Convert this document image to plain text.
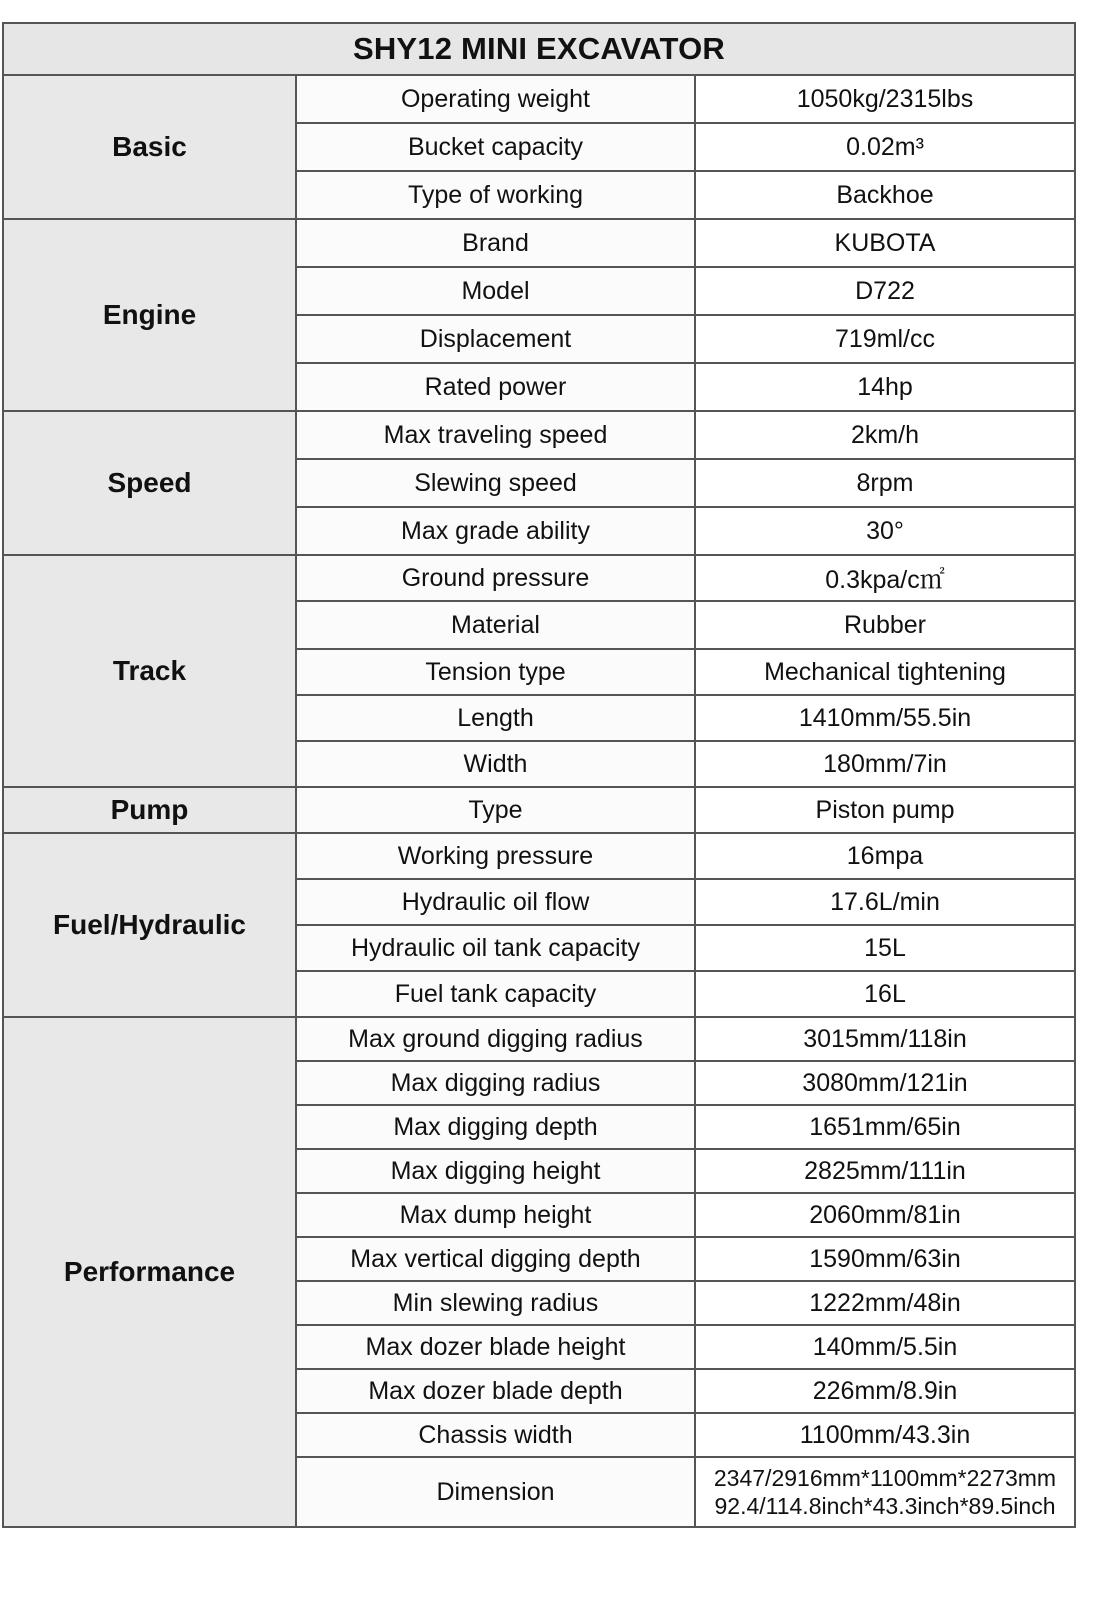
SHY12 MINI EXCAVATOR		
Basic	Operating weight	1050kg/2315lbs
	Bucket capacity	0.02m³
	Type of working	Backhoe
Engine	Brand	KUBOTA
	Model	D722
	Displacement	719ml/cc
	Rated power	14hp
Speed	Max traveling speed	2km/h
	Slewing speed	8rpm
	Max grade ability	30°
Track	Ground pressure	0.3kpa/c㎡
	Material	Rubber
	Tension type	Mechanical tightening
	Length	1410mm/55.5in
	Width	180mm/7in
Pump	Type	Piston pump
Fuel/Hydraulic	Working pressure	16mpa
	Hydraulic oil flow	17.6L/min
	Hydraulic oil tank capacity	15L
	Fuel tank capacity	16L
Performance	Max ground digging radius	3015mm/118in
	Max digging radius	3080mm/121in
	Max digging depth	1651mm/65in
	Max digging height	2825mm/111in
	Max dump height	2060mm/81in
	Max vertical digging depth	1590mm/63in
	Min slewing radius	1222mm/48in
	Max dozer blade height	140mm/5.5in
	Max dozer blade depth	226mm/8.9in
	Chassis width	1100mm/43.3in
	Dimension	2347/2916mm*1100mm*2273mm
92.4/114.8inch*43.3inch*89.5inch
